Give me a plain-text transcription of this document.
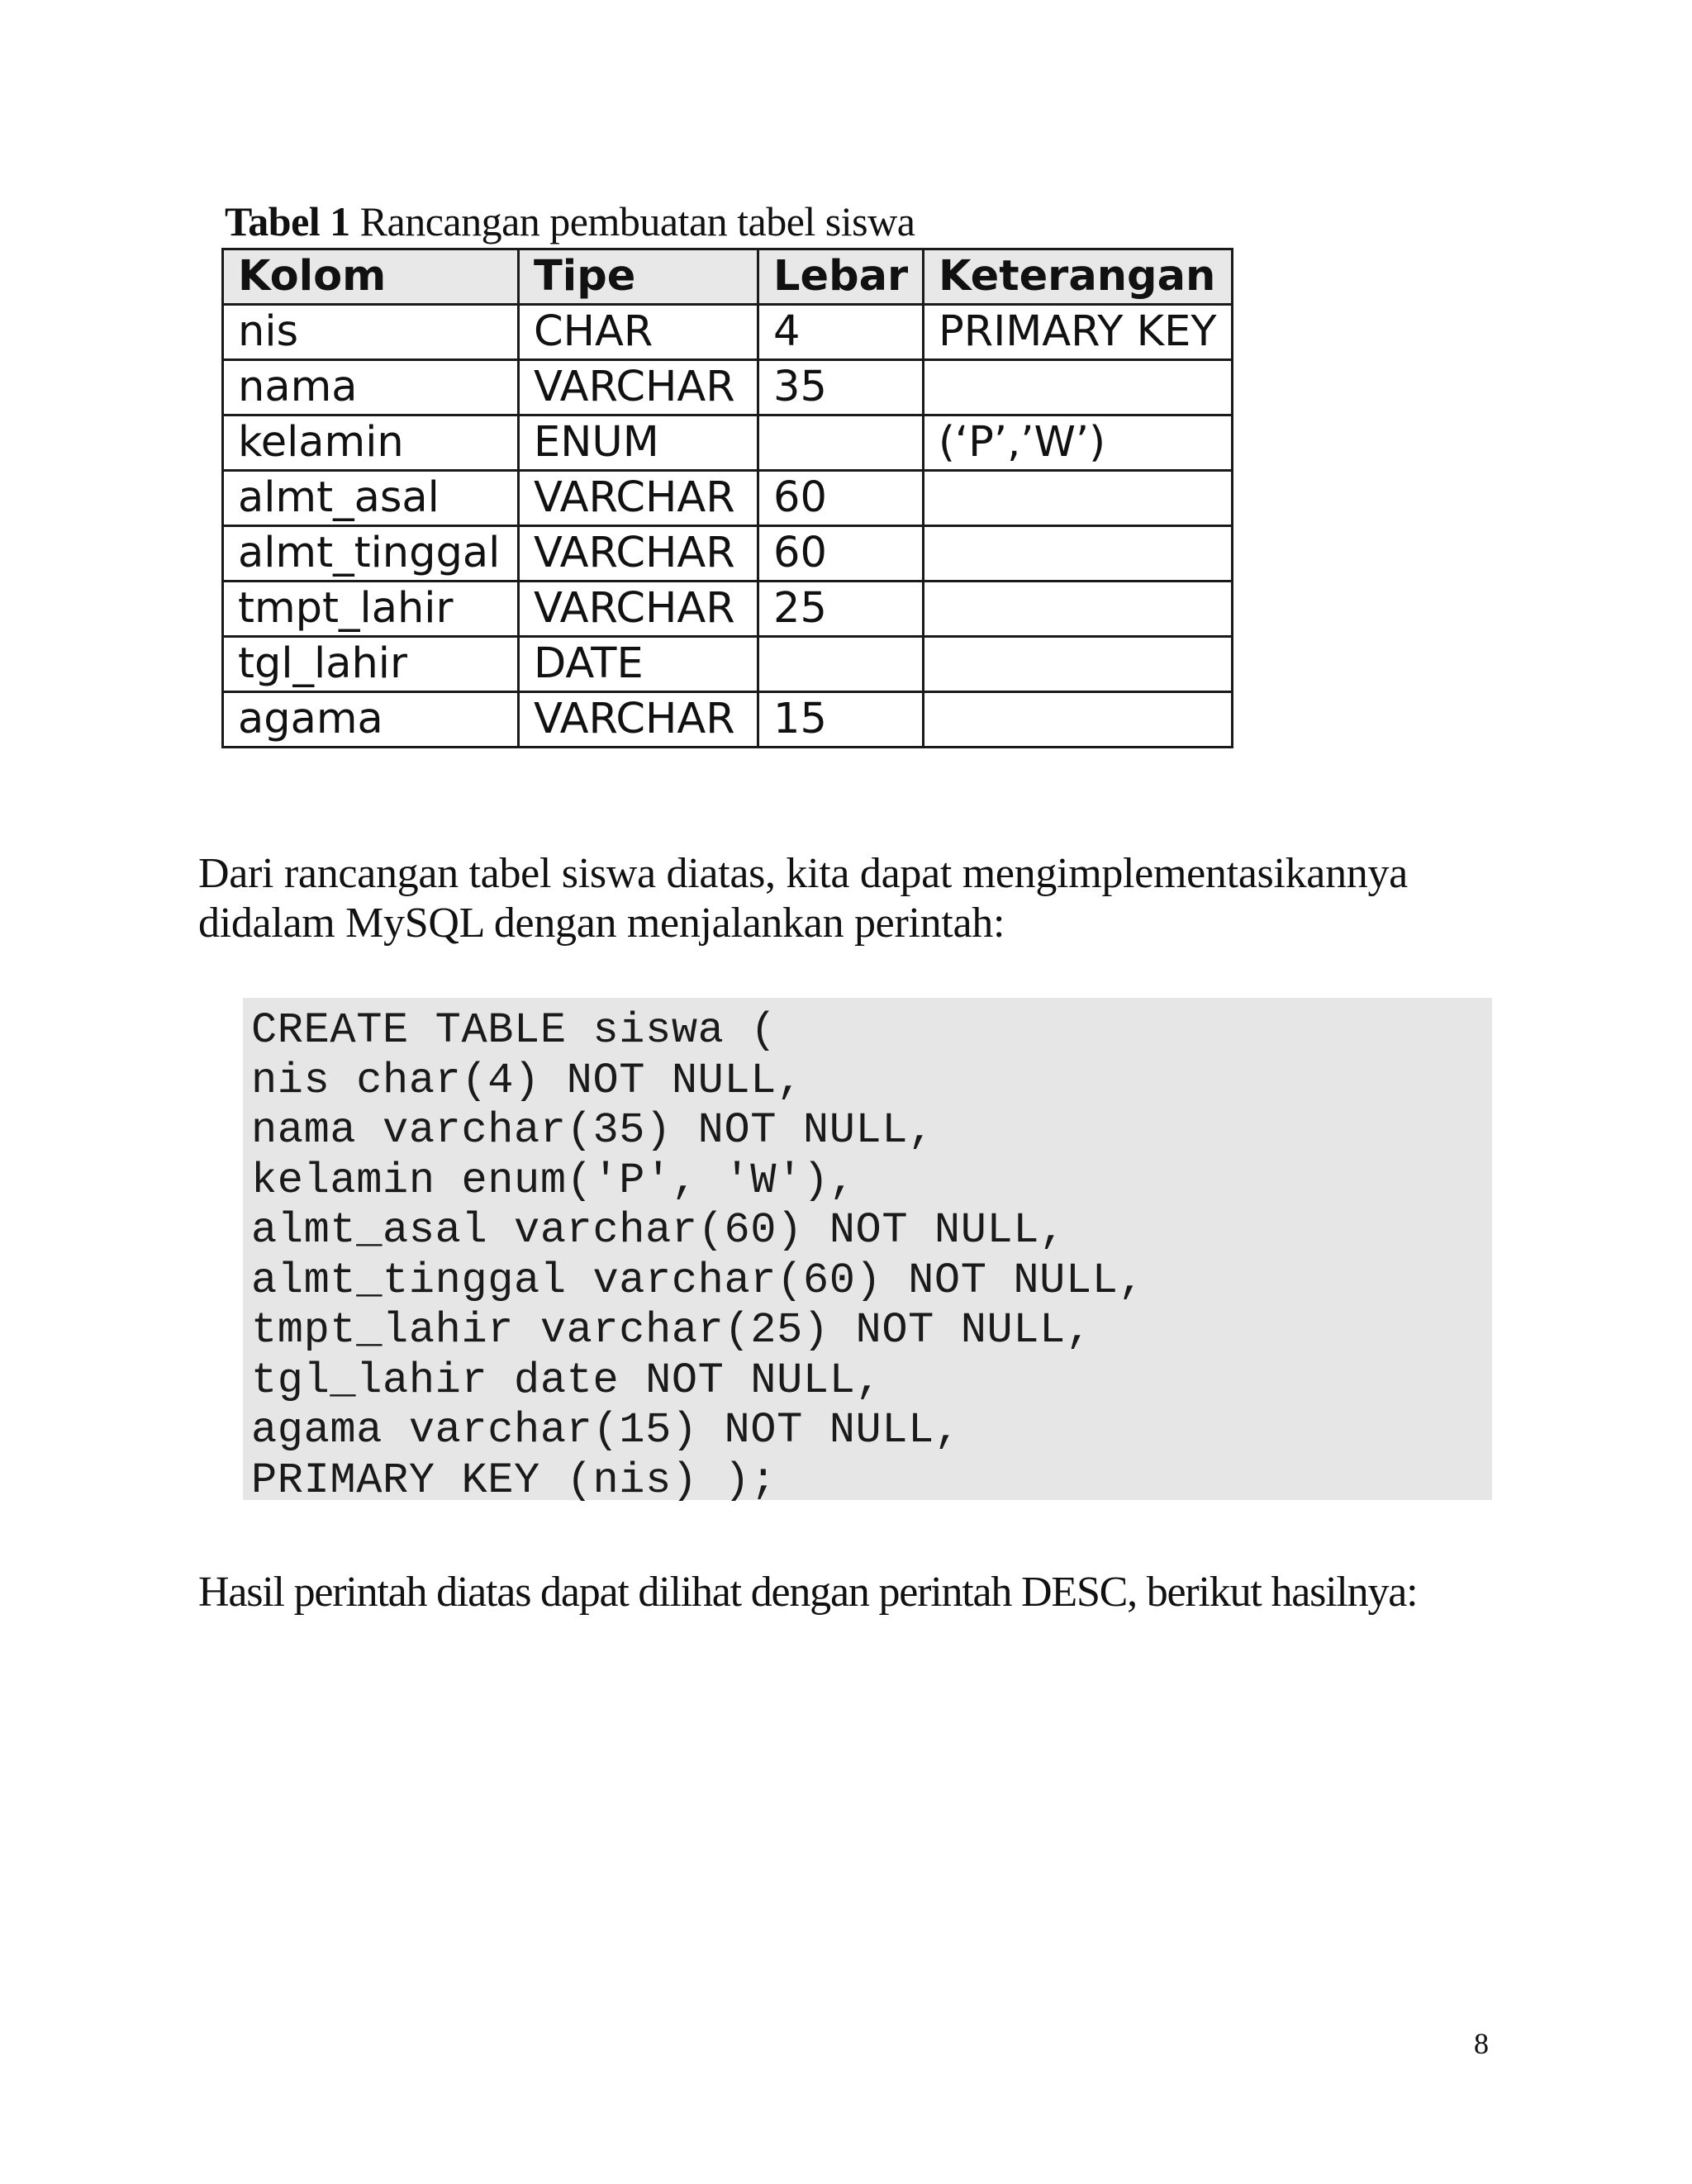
Tabel 1 Rancangan pembuatan tabel siswa
Kolom	Tipe	Lebar	Keterangan
nis	CHAR	4	PRIMARY KEY
nama	VARCHAR	35	
kelamin	ENUM		(‘P’,’W’)
almt_asal	VARCHAR	60	
almt_tinggal	VARCHAR	60	
tmpt_lahir	VARCHAR	25	
tgl_lahir	DATE		
agama	VARCHAR	15	
Dari rancangan tabel siswa diatas, kita dapat mengimplementasikannya
didalam MySQL dengan menjalankan perintah:
CREATE TABLE siswa (
nis char(4) NOT NULL,
nama varchar(35) NOT NULL,
kelamin enum('P', 'W'),
almt_asal varchar(60) NOT NULL,
almt_tinggal varchar(60) NOT NULL,
tmpt_lahir varchar(25) NOT NULL,
tgl_lahir date NOT NULL,
agama varchar(15) NOT NULL,
PRIMARY KEY (nis) );
Hasil perintah diatas dapat dilihat dengan perintah DESC, berikut hasilnya:
8
